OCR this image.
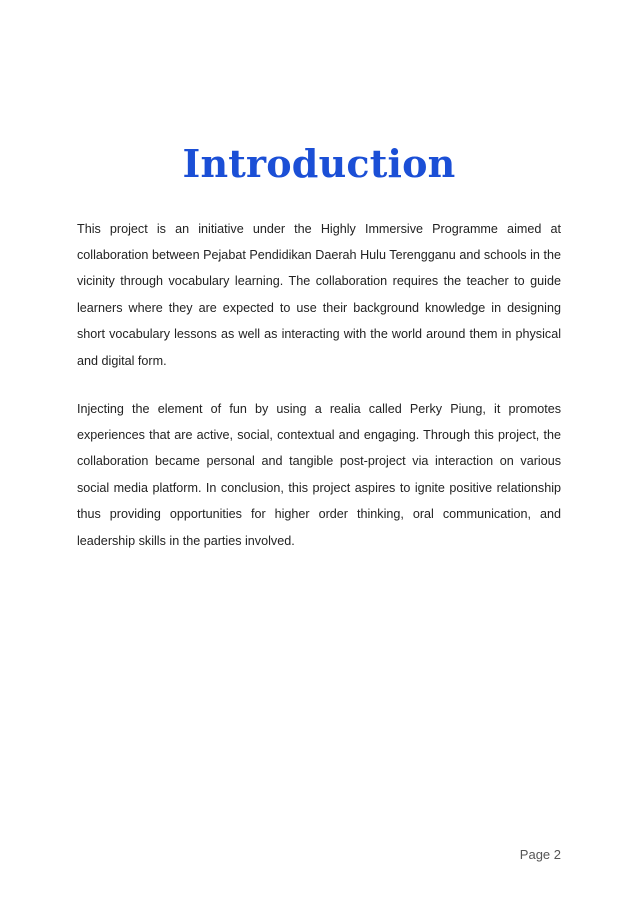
Introduction

This project is an initiative under the Highly Immersive Programme aimed at collaboration between Pejabat Pendidikan Daerah Hulu Terengganu and schools in the vicinity through vocabulary learning. The collaboration requires the teacher to guide learners where they are expected to use their background knowledge in designing short vocabulary lessons as well as interacting with the world around them in physical and digital form.

Injecting the element of fun by using a realia called Perky Piung, it promotes experiences that are active, social, contextual and engaging. Through this project, the collaboration became personal and tangible post-project via interaction on various social media platform. In conclusion, this project aspires to ignite positive relationship thus providing opportunities for higher order thinking, oral communication, and leadership skills in the parties involved.

Page 2
